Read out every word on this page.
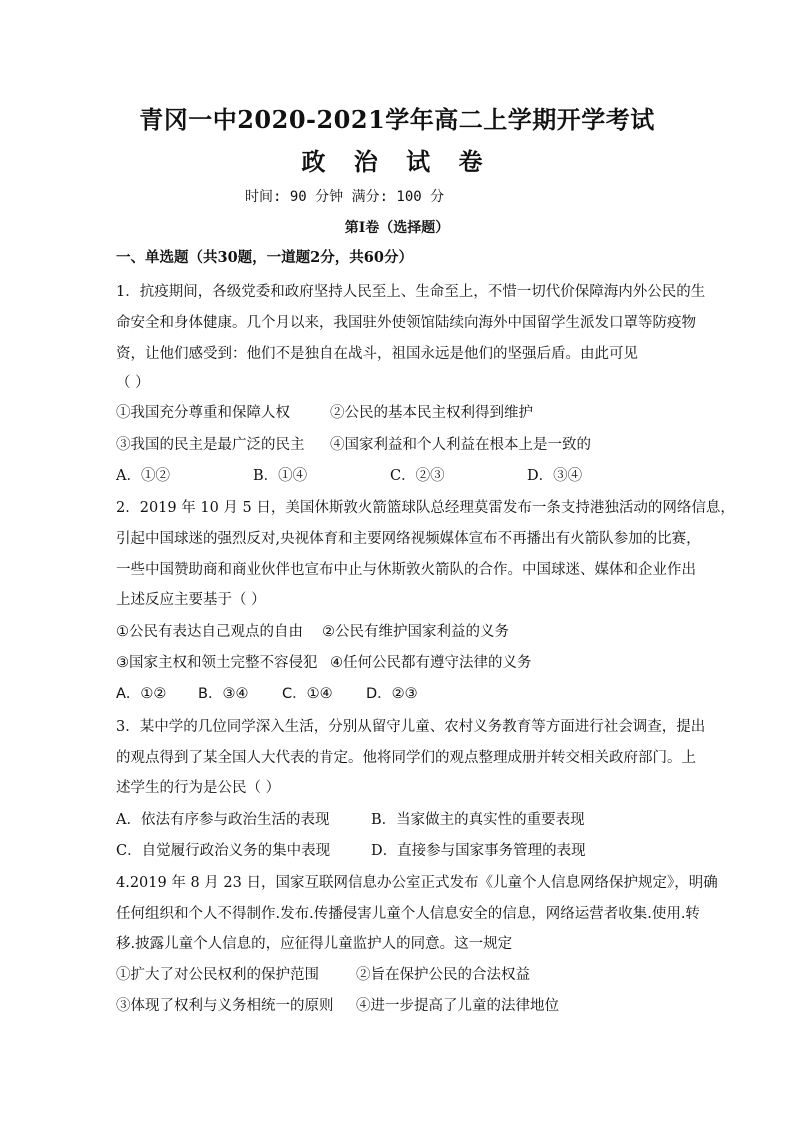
青冈一中2020-2021学年高二上学期开学考试
政 治 试 卷
时间: 90 分钟 满分: 100 分
第Ⅰ卷（选择题）
一、单选题（共30题，一道题2分，共60分）
1．抗疫期间，各级党委和政府坚持人民至上、生命至上，不惜一切代价保障海内外公民的生
命安全和身体健康。几个月以来，我国驻外使领馆陆续向海外中国留学生派发口罩等防疫物
资，让他们感受到：他们不是独自在战斗，祖国永远是他们的坚强后盾。由此可见
（ ）
①我国充分尊重和保障人权	②公民的基本民主权利得到维护
③我国的民主是最广泛的民主 ④国家利益和个人利益在根本上是一致的
A．①②	B．①④	C．②③	D．③④
2．2019 年 10 月 5 日，美国休斯敦火箭篮球队总经理莫雷发布一条支持港独活动的网络信息，
引起中国球迷的强烈反对,央视体育和主要网络视频媒体宣布不再播出有火箭队参加的比赛，
一些中国赞助商和商业伙伴也宣布中止与休斯敦火箭队的合作。中国球迷、媒体和企业作出
上述反应主要基于（ ）
①公民有表达自己观点的自由 ②公民有维护国家利益的义务
③国家主权和领土完整不容侵犯 ④任何公民都有遵守法律的义务
A．①② B．③④ C．①④ D．②③
3．某中学的几位同学深入生活，分别从留守儿童、农村义务教育等方面进行社会调查，提出
的观点得到了某全国人大代表的肯定。他将同学们的观点整理成册并转交相关政府部门。上
述学生的行为是公民（ ）
A．依法有序参与政治生活的表现	B．当家做主的真实性的重要表现
C．自觉履行政治义务的集中表现	D．直接参与国家事务管理的表现
4.2019 年 8 月 23 日，国家互联网信息办公室正式发布《儿童个人信息网络保护规定》，明确
任何组织和个人不得制作.发布.传播侵害儿童个人信息安全的信息，网络运营者收集.使用.转
移.披露儿童个人信息的，应征得儿童监护人的同意。这一规定
①扩大了对公民权利的保护范围	②旨在保护公民的合法权益
③体现了权利与义务相统一的原则 ④进一步提高了儿童的法律地位
